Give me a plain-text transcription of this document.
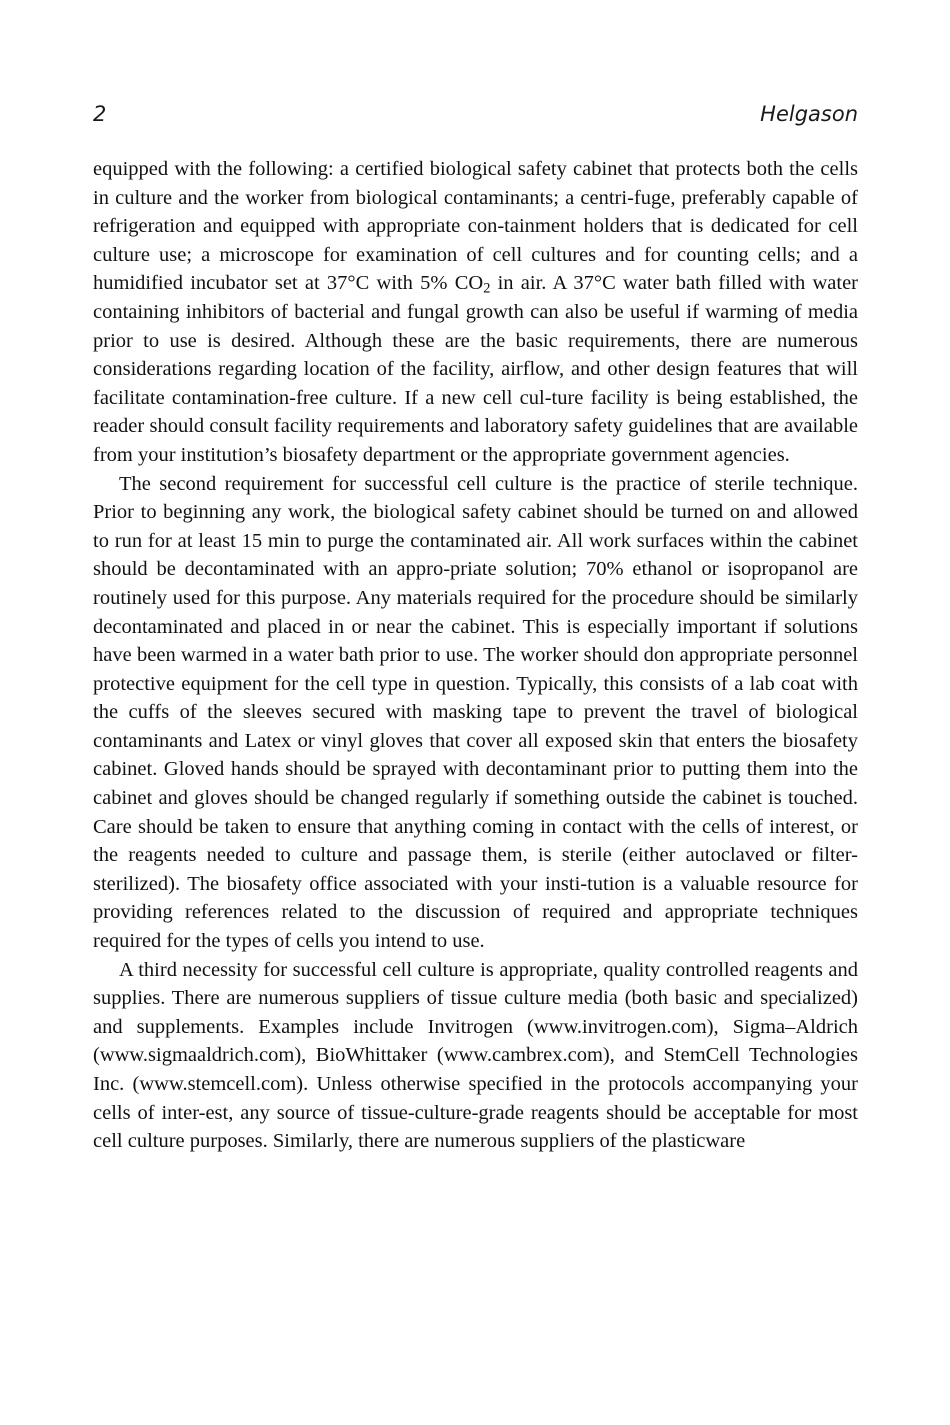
2	Helgason

equipped with the following: a certified biological safety cabinet that protects both the cells in culture and the worker from biological contaminants; a centri-fuge, preferably capable of refrigeration and equipped with appropriate con-tainment holders that is dedicated for cell culture use; a microscope for examination of cell cultures and for counting cells; and a humidified incubator set at 37°C with 5% $CO_2$ in air. A 37°C water bath filled with water containing inhibitors of bacterial and fungal growth can also be useful if warming of media prior to use is desired. Although these are the basic requirements, there are numerous considerations regarding location of the facility, airflow, and other design features that will facilitate contamination-free culture. If a new cell cul-ture facility is being established, the reader should consult facility requirements and laboratory safety guidelines that are available from your institution’s biosafety department or the appropriate government agencies.

The second requirement for successful cell culture is the practice of sterile technique. Prior to beginning any work, the biological safety cabinet should be turned on and allowed to run for at least 15 min to purge the contaminated air. All work surfaces within the cabinet should be decontaminated with an appro-priate solution; 70% ethanol or isopropanol are routinely used for this purpose. Any materials required for the procedure should be similarly decontaminated and placed in or near the cabinet. This is especially important if solutions have been warmed in a water bath prior to use. The worker should don appropriate personnel protective equipment for the cell type in question. Typically, this consists of a lab coat with the cuffs of the sleeves secured with masking tape to prevent the travel of biological contaminants and Latex or vinyl gloves that cover all exposed skin that enters the biosafety cabinet. Gloved hands should be sprayed with decontaminant prior to putting them into the cabinet and gloves should be changed regularly if something outside the cabinet is touched. Care should be taken to ensure that anything coming in contact with the cells of interest, or the reagents needed to culture and passage them, is sterile (either autoclaved or filter-sterilized). The biosafety office associated with your insti-tution is a valuable resource for providing references related to the discussion of required and appropriate techniques required for the types of cells you intend to use.

A third necessity for successful cell culture is appropriate, quality controlled reagents and supplies. There are numerous suppliers of tissue culture media (both basic and specialized) and supplements. Examples include Invitrogen (www.invitrogen.com), Sigma–Aldrich (www.sigmaaldrich.com), BioWhittaker (www.cambrex.com), and StemCell Technologies Inc. (www.stemcell.com). Unless otherwise specified in the protocols accompanying your cells of inter-est, any source of tissue-culture-grade reagents should be acceptable for most cell culture purposes. Similarly, there are numerous suppliers of the plasticware
